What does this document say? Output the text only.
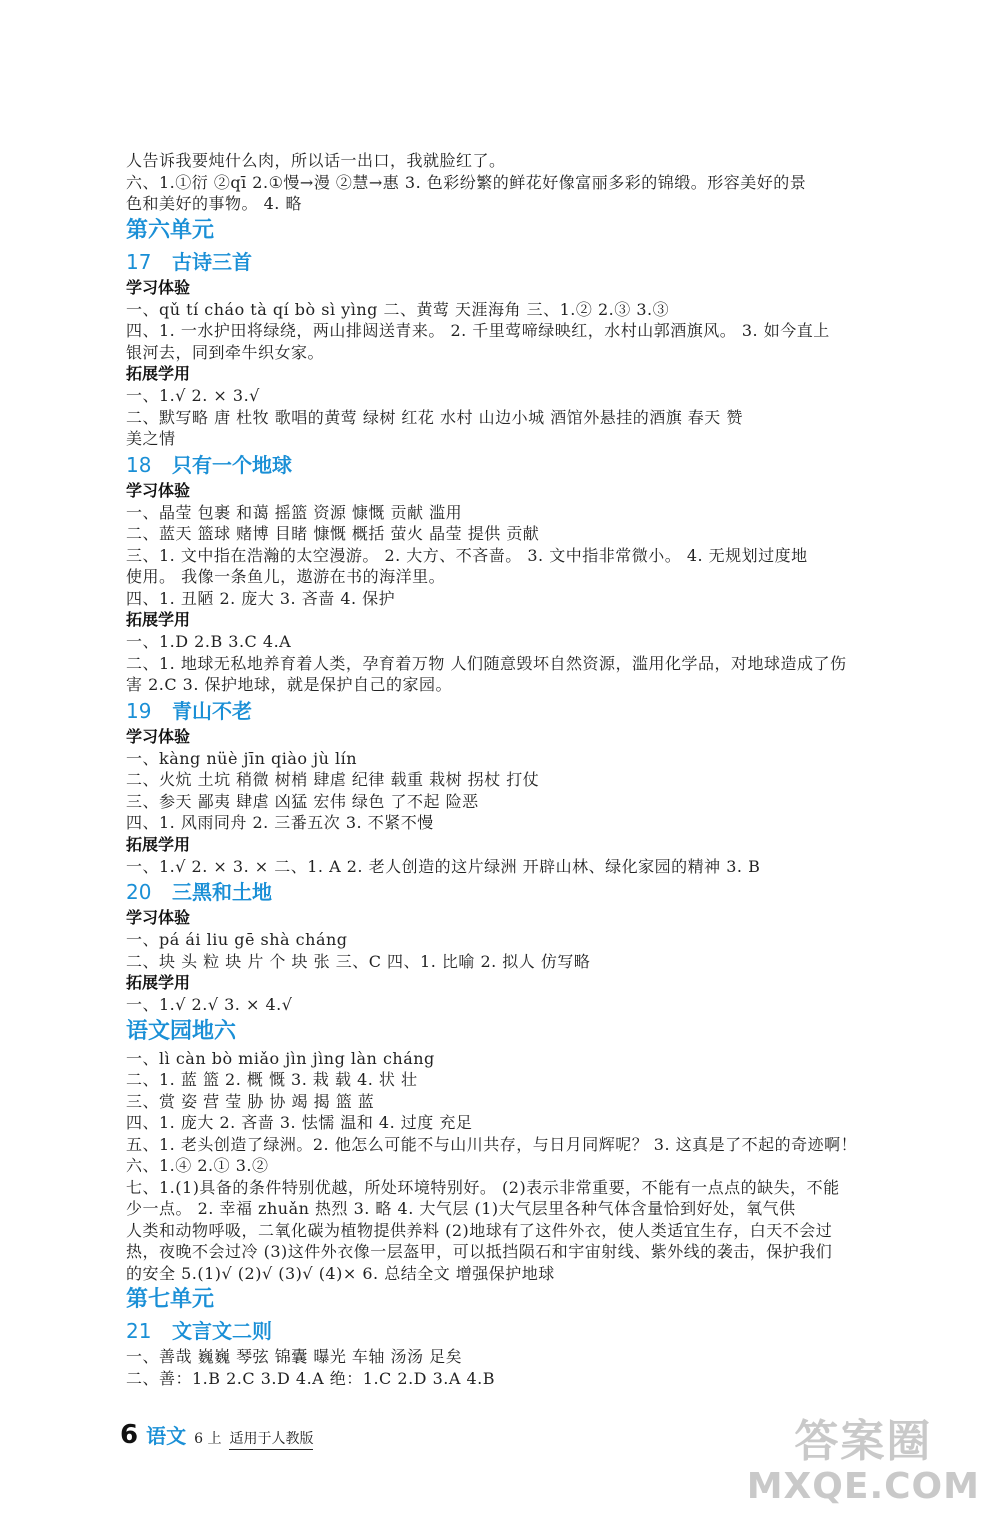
人告诉我要炖什么肉，所以话一出口，我就脸红了。
六、1.①衍 ②qī 2.①慢→漫 ②慧→惠 3. 色彩纷繁的鲜花好像富丽多彩的锦缎。形容美好的景
色和美好的事物。 4. 略
第六单元
17 古诗三首
学习体验
一、qǔ tí cháo tà qí bò sì yìng 二、黄莺 天涯海角 三、1.② 2.③ 3.③
四、1. 一水护田将绿绕，两山排闼送青来。 2. 千里莺啼绿映红，水村山郭酒旗风。 3. 如今直上
银河去，同到牵牛织女家。
拓展学用
一、1.√ 2. × 3.√
二、默写略 唐 杜牧 歌唱的黄莺 绿树 红花 水村 山边小城 酒馆外悬挂的酒旗 春天 赞
美之情
18 只有一个地球
学习体验
一、晶莹 包裹 和蔼 摇篮 资源 慷慨 贡献 滥用
二、蓝天 篮球 赌博 目睹 慷慨 概括 萤火 晶莹 提供 贡献
三、1. 文中指在浩瀚的太空漫游。 2. 大方、不吝啬。 3. 文中指非常微小。 4. 无规划过度地
使用。 我像一条鱼儿，遨游在书的海洋里。
四、1. 丑陋 2. 庞大 3. 吝啬 4. 保护
拓展学用
一、1.D 2.B 3.C 4.A
二、1. 地球无私地养育着人类，孕育着万物 人们随意毁坏自然资源，滥用化学品，对地球造成了伤
害 2.C 3. 保护地球，就是保护自己的家园。
19 青山不老
学习体验
一、kàng nüè jīn qiào jù lín
二、火炕 土坑 稍微 树梢 肆虐 纪律 载重 栽树 拐杖 打仗
三、参天 鄙夷 肆虐 凶猛 宏伟 绿色 了不起 险恶
四、1. 风雨同舟 2. 三番五次 3. 不紧不慢
拓展学用
一、1.√ 2. × 3. × 二、1. A 2. 老人创造的这片绿洲 开辟山林、绿化家园的精神 3. B
20 三黑和土地
学习体验
一、pá ái liu gē shà cháng
二、块 头 粒 块 片 个 块 张 三、C 四、1. 比喻 2. 拟人 仿写略
拓展学用
一、1.√ 2.√ 3. × 4.√
语文园地六
一、lì càn bò miǎo jìn jìng làn cháng
二、1. 蓝 篮 2. 概 慨 3. 栽 载 4. 状 壮
三、赏 姿 营 莹 胁 协 竭 揭 篮 蓝
四、1. 庞大 2. 吝啬 3. 怯懦 温和 4. 过度 充足
五、1. 老头创造了绿洲。2. 他怎么可能不与山川共存，与日月同辉呢？ 3. 这真是了不起的奇迹啊！
六、1.④ 2.① 3.②
七、1.(1)具备的条件特别优越，所处环境特别好。 (2)表示非常重要，不能有一点点的缺失，不能
少一点。 2. 幸福 zhuǎn 热烈 3. 略 4. 大气层 (1)大气层里各种气体含量恰到好处，氧气供
人类和动物呼吸，二氧化碳为植物提供养料 (2)地球有了这件外衣，使人类适宜生存，白天不会过
热，夜晚不会过冷 (3)这件外衣像一层盔甲，可以抵挡陨石和宇宙射线、紫外线的袭击，保护我们
的安全 5.(1)√ (2)√ (3)√ (4)× 6. 总结全文 增强保护地球
第七单元
21 文言文二则
一、善哉 巍巍 琴弦 锦囊 曝光 车轴 汤汤 足矣
二、善：1.B 2.C 3.D 4.A 绝：1.C 2.D 3.A 4.B
6 语文 6 上 适用于人教版	答案圈
MXQE.COM
